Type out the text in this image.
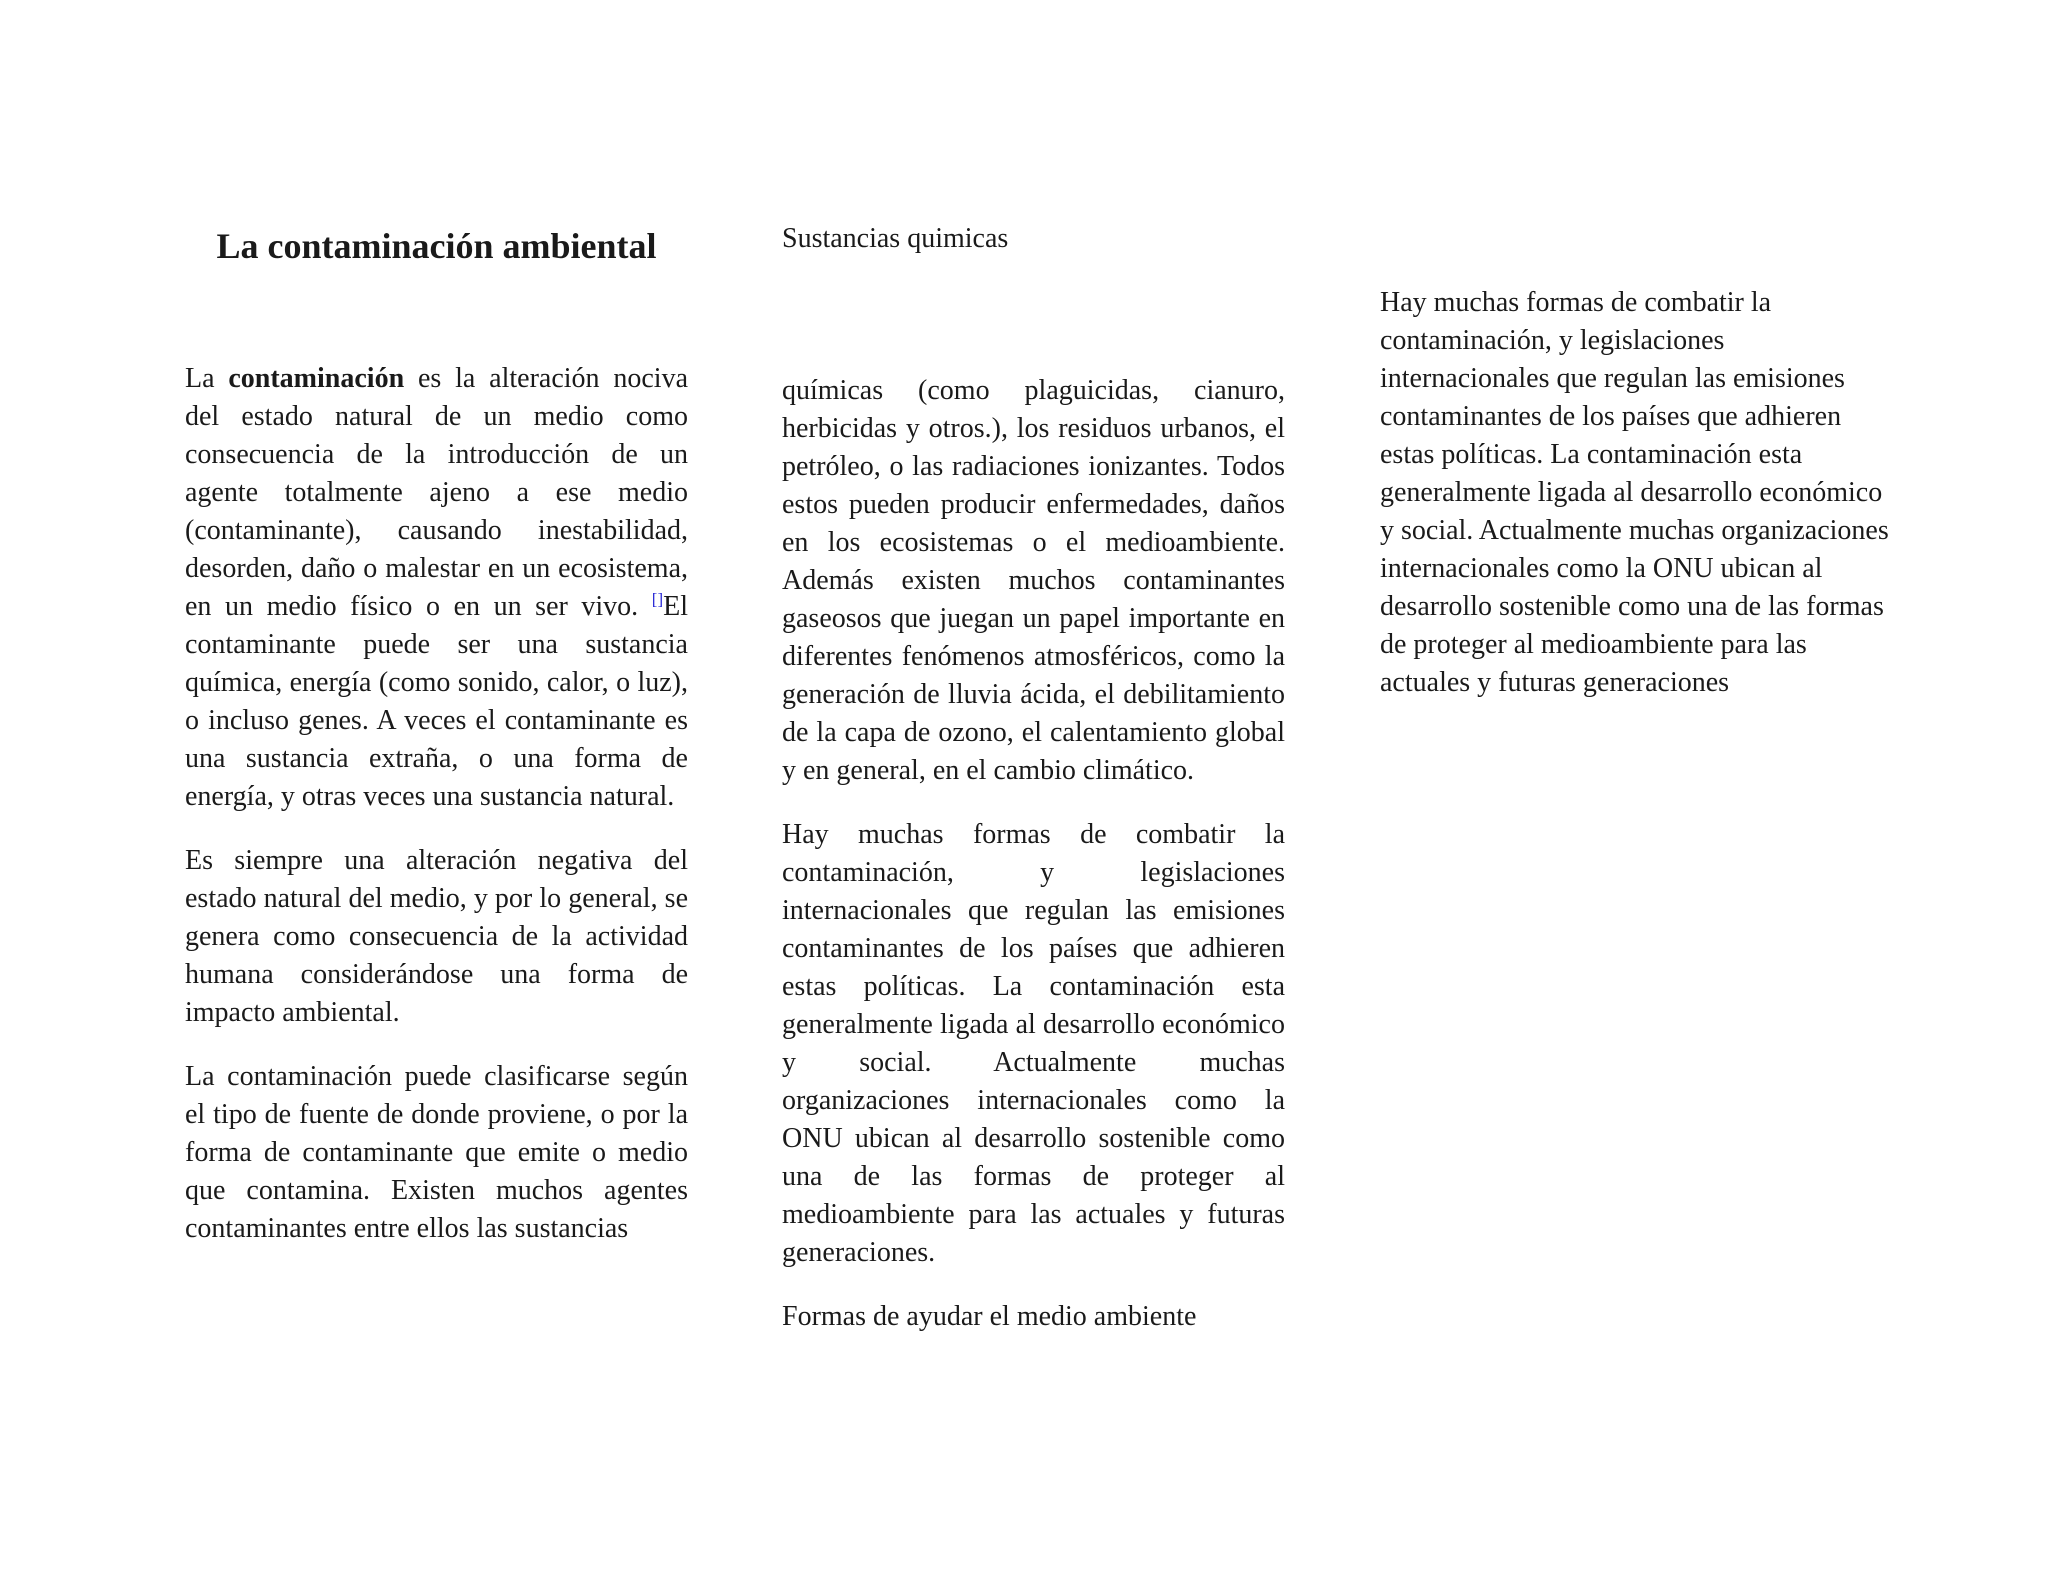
La contaminación ambiental

La contaminación es la alteración nociva del estado natural de un medio como consecuencia de la introducción de un agente totalmente ajeno a ese medio (contaminante), causando inestabilidad, desorden, daño o malestar en un ecosistema, en un medio físico o en un ser vivo. []El contaminante puede ser una sustancia química, energía (como sonido, calor, o luz), o incluso genes. A veces el contaminante es una sustancia extraña, o una forma de energía, y otras veces una sustancia natural.

Es siempre una alteración negativa del estado natural del medio, y por lo general, se genera como consecuencia de la actividad humana considerándose una forma de impacto ambiental.

La contaminación puede clasificarse según el tipo de fuente de donde proviene, o por la forma de contaminante que emite o medio que contamina. Existen muchos agentes contaminantes entre ellos las sustancias

Sustancias quimicas

químicas (como plaguicidas, cianuro, herbicidas y otros.), los residuos urbanos, el petróleo, o las radiaciones ionizantes. Todos estos pueden producir enfermedades, daños en los ecosistemas o el medioambiente. Además existen muchos contaminantes gaseosos que juegan un papel importante en diferentes fenómenos atmosféricos, como la generación de lluvia ácida, el debilitamiento de la capa de ozono, el calentamiento global y en general, en el cambio climático.

Hay muchas formas de combatir la contaminación, y legislaciones internacionales que regulan las emisiones contaminantes de los países que adhieren estas políticas. La contaminación esta generalmente ligada al desarrollo económico y social. Actualmente muchas organizaciones internacionales como la ONU ubican al desarrollo sostenible como una de las formas de proteger al medioambiente para las actuales y futuras generaciones.

Formas de ayudar el medio ambiente

Hay muchas formas de combatir la contaminación, y legislaciones internacionales que regulan las emisiones contaminantes de los países que adhieren estas políticas. La contaminación esta generalmente ligada al desarrollo económico y social. Actualmente muchas organizaciones internacionales como la ONU ubican al desarrollo sostenible como una de las formas de proteger al medioambiente para las actuales y futuras generaciones
